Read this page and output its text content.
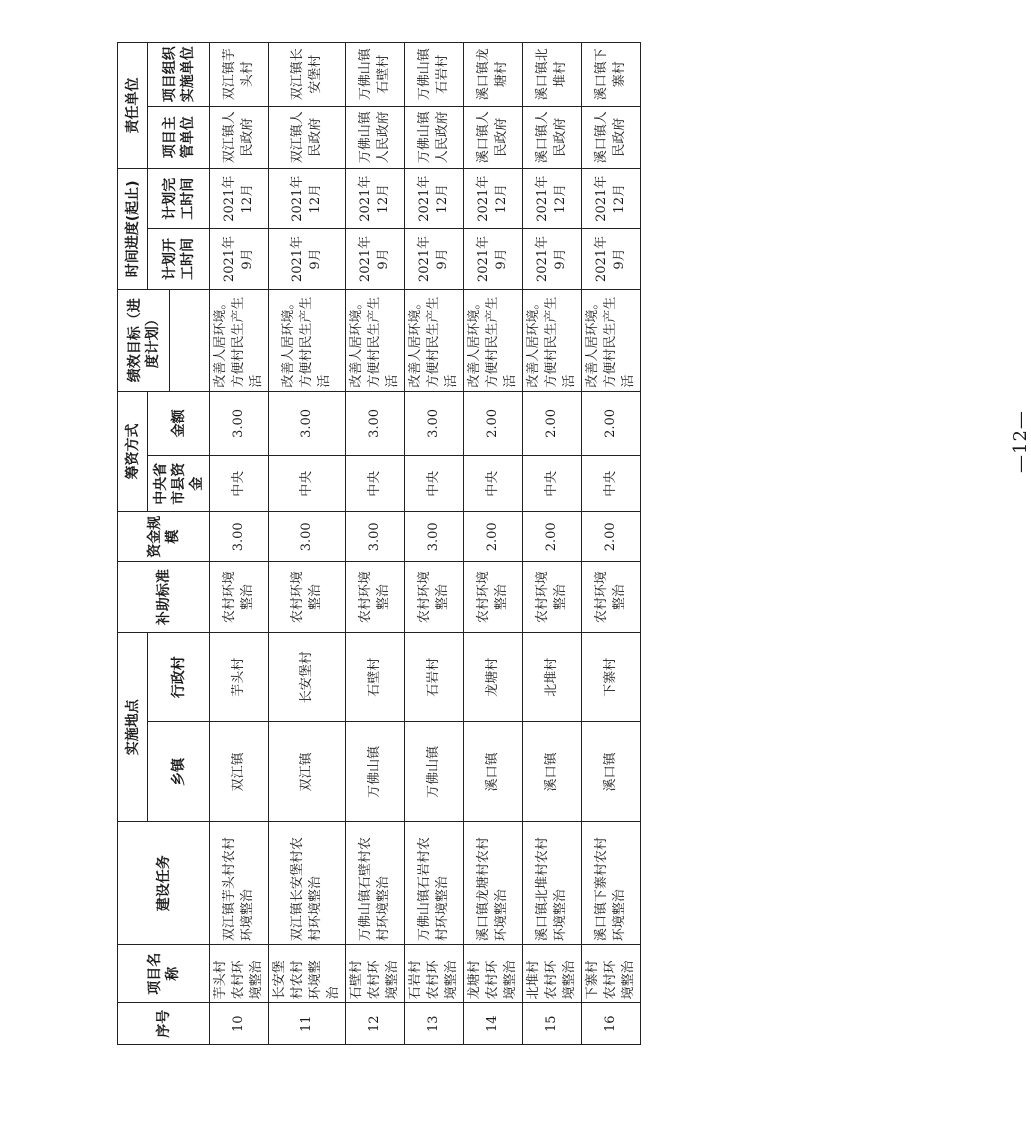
序号	项目名称	建设任务	实施地点		补助标准	资金规模	筹资方式		绩效目标（进度计划）	时间进度(起止)		责任单位	
			乡镇	行政村			中央省市县资金	金额		计划开工时间	计划完工时间	项目主管单位	项目组织实施单位

10	芋头村农村环境整治	双江镇芋头村农村环境整治	双江镇	芋头村	农村环境整治	3.00	中央	3.00	改善人居环境。方便村民生产生活	2021年9月	2021年12月	双江镇人民政府	双江镇芋头村
11	长安堡村农村环境整治	双江镇长安堡村农村环境整治	双江镇	长安堡村	农村环境整治	3.00	中央	3.00	改善人居环境。方便村民生产生活	2021年9月	2021年12月	双江镇人民政府	双江镇长安堡村
12	石壁村农村环境整治	万佛山镇石壁村农村环境整治	万佛山镇	石壁村	农村环境整治	3.00	中央	3.00	改善人居环境。方便村民生产生活	2021年9月	2021年12月	万佛山镇人民政府	万佛山镇石壁村
13	石岩村农村环境整治	万佛山镇石岩村农村环境整治	万佛山镇	石岩村	农村环境整治	3.00	中央	3.00	改善人居环境。方便村民生产生活	2021年9月	2021年12月	万佛山镇人民政府	万佛山镇石岩村
14	龙塘村农村环境整治	溪口镇龙塘村农村环境整治	溪口镇	龙塘村	农村环境整治	2.00	中央	2.00	改善人居环境。方便村民生产生活	2021年9月	2021年12月	溪口镇人民政府	溪口镇龙塘村
15	北堆村农村环境整治	溪口镇北堆村农村环境整治	溪口镇	北堆村	农村环境整治	2.00	中央	2.00	改善人居环境。方便村民生产生活	2021年9月	2021年12月	溪口镇人民政府	溪口镇北堆村
16	下寨村农村环境整治	溪口镇下寨村农村环境整治	溪口镇	下寨村	农村环境整治	2.00	中央	2.00	改善人居环境。方便村民生产生活	2021年9月	2021年12月	溪口镇人民政府	溪口镇下寨村
—12—
